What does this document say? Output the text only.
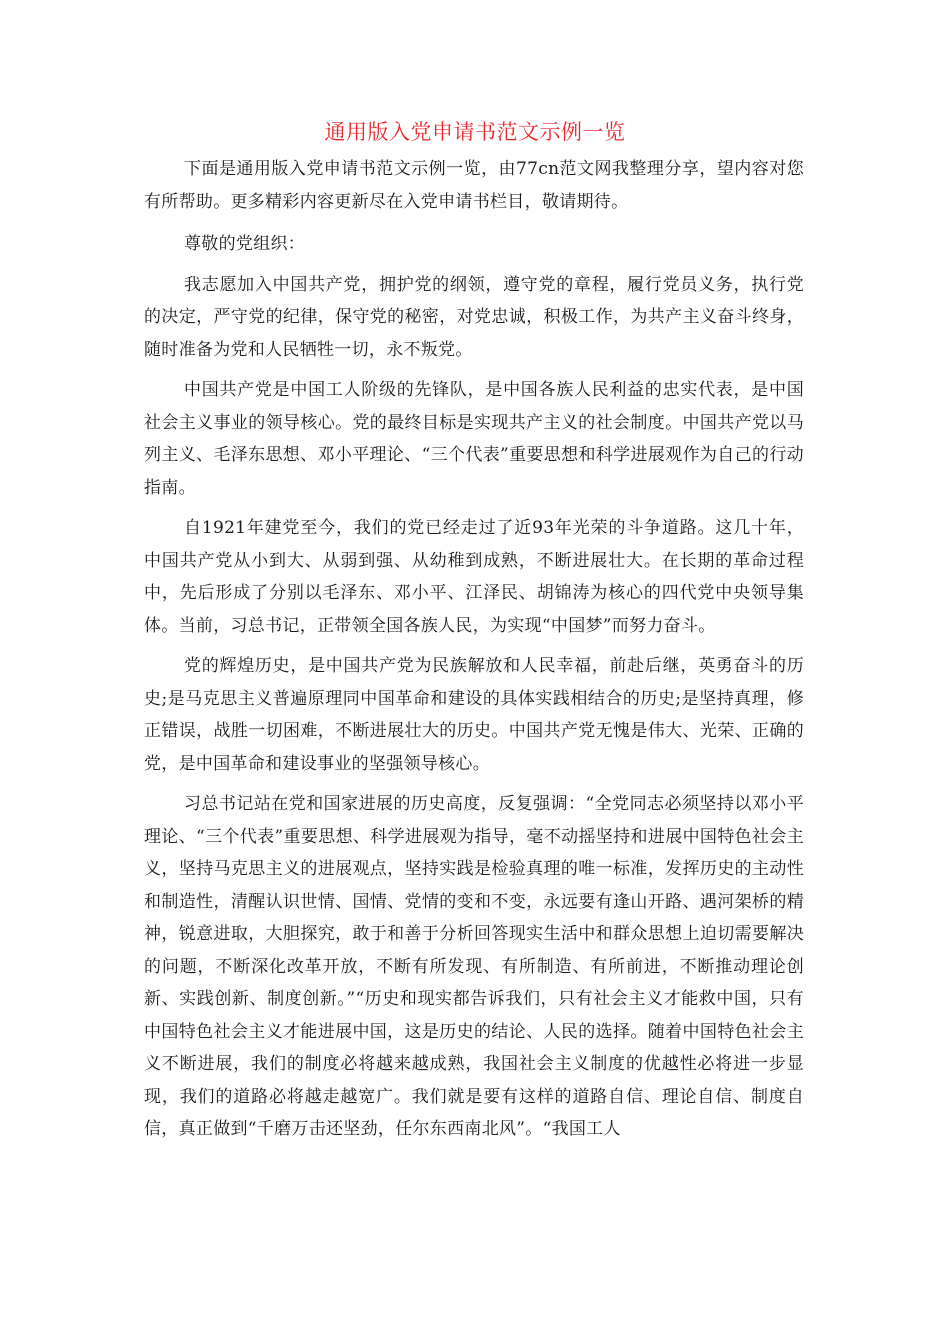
通用版入党申请书范文示例一览

下面是通用版入党申请书范文示例一览，由77cn范文网我整理分享，望内容对您有所帮助。更多精彩内容更新尽在入党申请书栏目，敬请期待。

尊敬的党组织：

我志愿加入中国共产党，拥护党的纲领，遵守党的章程，履行党员义务，执行党的决定，严守党的纪律，保守党的秘密，对党忠诚，积极工作，为共产主义奋斗终身，随时准备为党和人民牺牲一切，永不叛党。

中国共产党是中国工人阶级的先锋队，是中国各族人民利益的忠实代表，是中国社会主义事业的领导核心。党的最终目标是实现共产主义的社会制度。中国共产党以马列主义、毛泽东思想、邓小平理论、“三个代表”重要思想和科学进展观作为自己的行动指南。

自1921年建党至今，我们的党已经走过了近93年光荣的斗争道路。这几十年，中国共产党从小到大、从弱到强、从幼稚到成熟，不断进展壮大。在长期的革命过程中，先后形成了分别以毛泽东、邓小平、江泽民、胡锦涛为核心的四代党中央领导集体。当前，习总书记，正带领全国各族人民，为实现“中国梦”而努力奋斗。

党的辉煌历史，是中国共产党为民族解放和人民幸福，前赴后继，英勇奋斗的历史;是马克思主义普遍原理同中国革命和建设的具体实践相结合的历史;是坚持真理，修正错误，战胜一切困难，不断进展壮大的历史。中国共产党无愧是伟大、光荣、正确的党，是中国革命和建设事业的坚强领导核心。

习总书记站在党和国家进展的历史高度，反复强调：“全党同志必须坚持以邓小平理论、“三个代表”重要思想、科学进展观为指导，毫不动摇坚持和进展中国特色社会主义，坚持马克思主义的进展观点，坚持实践是检验真理的唯一标准，发挥历史的主动性和制造性，清醒认识世情、国情、党情的变和不变，永远要有逢山开路、遇河架桥的精神，锐意进取，大胆探究，敢于和善于分析回答现实生活中和群众思想上迫切需要解决的问题，不断深化改革开放，不断有所发现、有所制造、有所前进，不断推动理论创新、实践创新、制度创新。”“历史和现实都告诉我们，只有社会主义才能救中国，只有中国特色社会主义才能进展中国，这是历史的结论、人民的选择。随着中国特色社会主义不断进展，我们的制度必将越来越成熟，我国社会主义制度的优越性必将进一步显现，我们的道路必将越走越宽广。我们就是要有这样的道路自信、理论自信、制度自信，真正做到“千磨万击还坚劲，任尔东西南北风”。“我国工人
